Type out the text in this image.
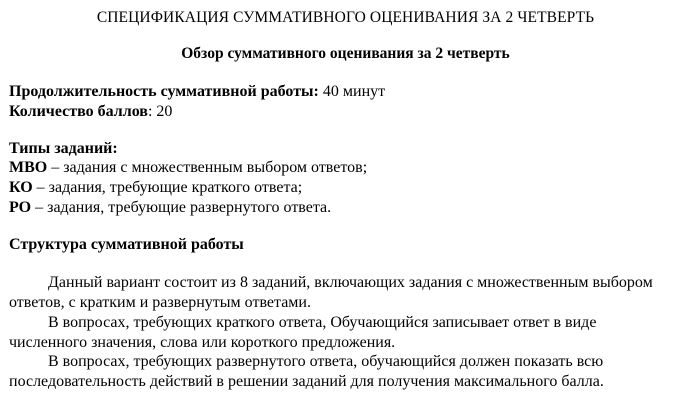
СПЕЦИФИКАЦИЯ СУММАТИВНОГО ОЦЕНИВАНИЯ ЗА 2 ЧЕТВЕРТЬ
Обзор суммативного оценивания за 2 четверть
Продолжительность суммативной работы: 40 минут
Количество баллов: 20
Типы заданий:
МВО – задания с множественным выбором ответов;
КО – задания, требующие краткого ответа;
РО – задания, требующие развернутого ответа.
Структура суммативной работы
Данный вариант состоит из 8 заданий, включающих задания с множественным выбором
ответов, с кратким и развернутым ответами.
В вопросах, требующих краткого ответа, Обучающийся записывает ответ в виде
численного значения, слова или короткого предложения.
В вопросах, требующих развернутого ответа, обучающийся должен показать всю
последовательность действий в решении заданий для получения максимального балла.
